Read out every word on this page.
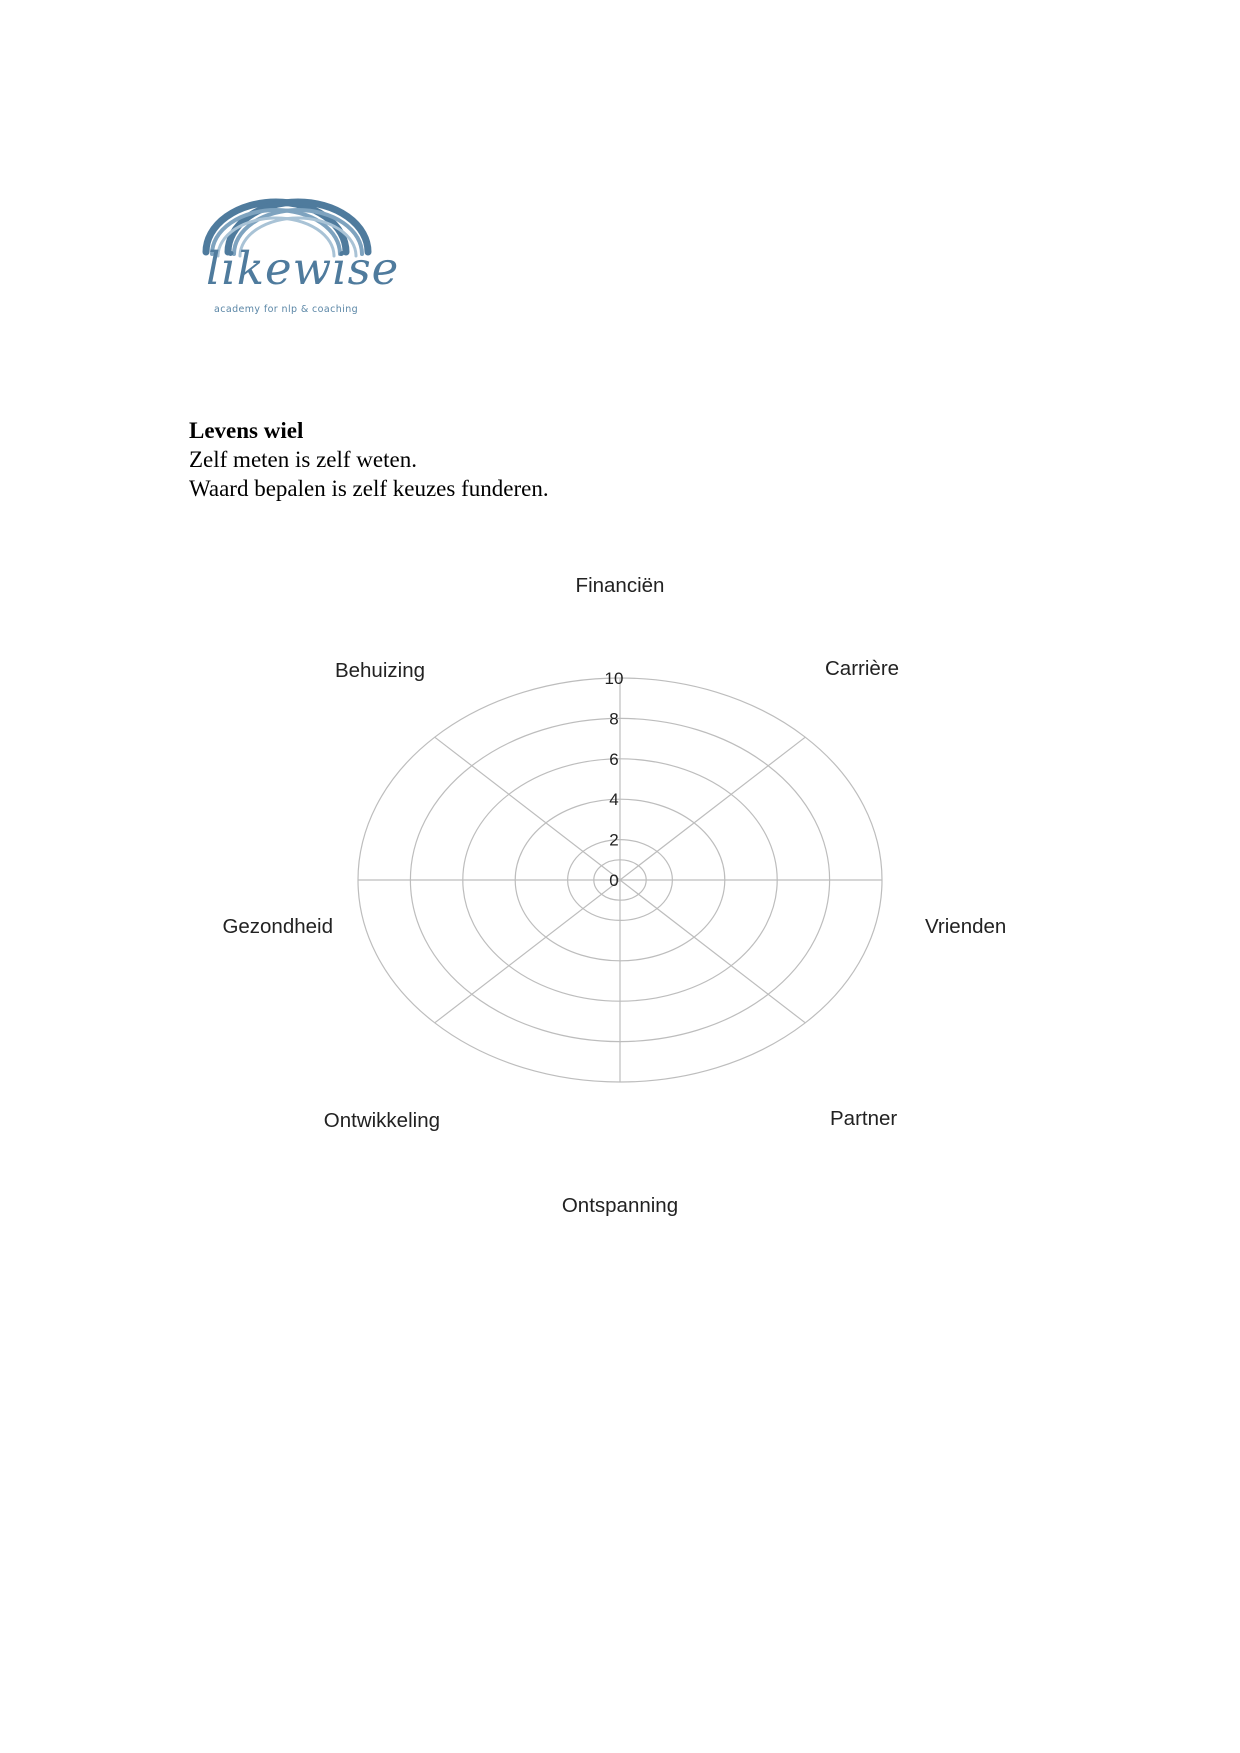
likewise
academy for nlp & coaching
Levens wiel
Zelf meten is zelf weten.
Waard bepalen is zelf keuzes funderen.
Financiën
Carrière
Vrienden
Partner
Ontspanning
Ontwikkeling
Gezondheid
Behuizing
0
2
4
6
8
10
